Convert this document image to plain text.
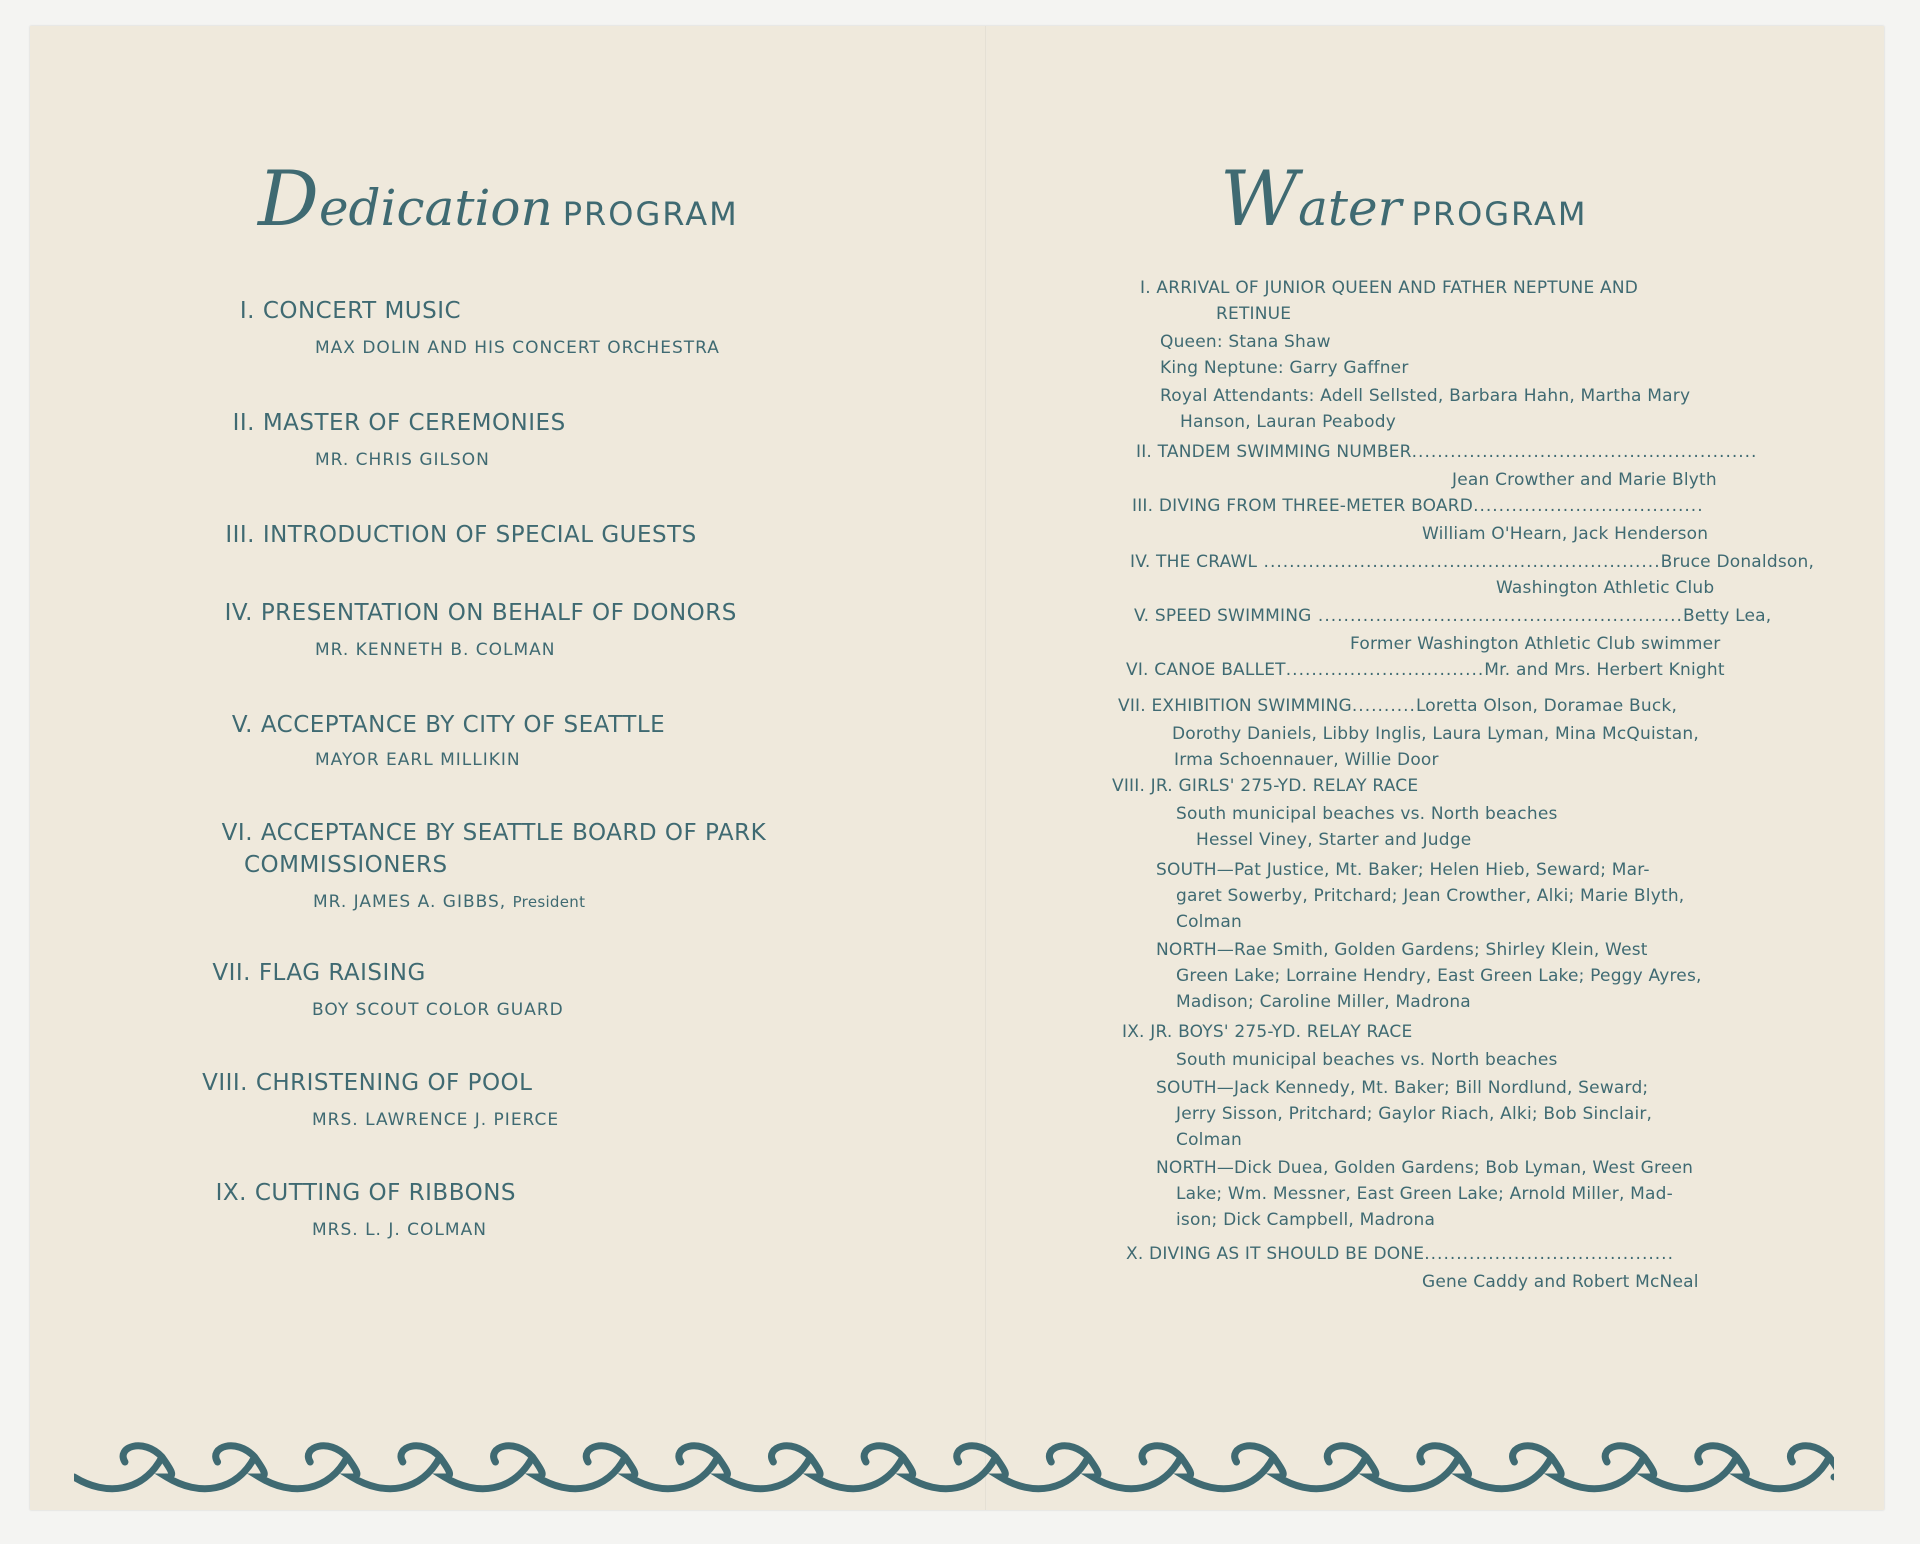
Dedication PROGRAM
I. CONCERT MUSIC
MAX DOLIN AND HIS CONCERT ORCHESTRA
II. MASTER OF CEREMONIES
MR. CHRIS GILSON
III. INTRODUCTION OF SPECIAL GUESTS
IV. PRESENTATION ON BEHALF OF DONORS
MR. KENNETH B. COLMAN
V. ACCEPTANCE BY CITY OF SEATTLE
MAYOR EARL MILLIKIN
VI. ACCEPTANCE BY SEATTLE BOARD OF PARK
COMMISSIONERS
MR. JAMES A. GIBBS, President
VII. FLAG RAISING
BOY SCOUT COLOR GUARD
VIII. CHRISTENING OF POOL
MRS. LAWRENCE J. PIERCE
IX. CUTTING OF RIBBONS
MRS. L. J. COLMAN
Water PROGRAM
I. ARRIVAL OF JUNIOR QUEEN AND FATHER NEPTUNE AND
RETINUE
Queen: Stana Shaw
King Neptune: Garry Gaffner
Royal Attendants: Adell Sellsted, Barbara Hahn, Martha Mary
Hanson, Lauran Peabody
II. TANDEM SWIMMING NUMBER......................................................
Jean Crowther and Marie Blyth
III. DIVING FROM THREE-METER BOARD....................................
William O'Hearn, Jack Henderson
IV. THE CRAWL ..............................................................Bruce Donaldson,
Washington Athletic Club
V. SPEED SWIMMING .........................................................Betty Lea,
Former Washington Athletic Club swimmer
VI. CANOE BALLET...............................Mr. and Mrs. Herbert Knight
VII. EXHIBITION SWIMMING..........Loretta Olson, Doramae Buck,
Dorothy Daniels, Libby Inglis, Laura Lyman, Mina McQuistan,
Irma Schoennauer, Willie Door
VIII. JR. GIRLS' 275-YD. RELAY RACE
South municipal beaches vs. North beaches
Hessel Viney, Starter and Judge
SOUTH—Pat Justice, Mt. Baker; Helen Hieb, Seward; Mar-
garet Sowerby, Pritchard; Jean Crowther, Alki; Marie Blyth,
Colman
NORTH—Rae Smith, Golden Gardens; Shirley Klein, West
Green Lake; Lorraine Hendry, East Green Lake; Peggy Ayres,
Madison; Caroline Miller, Madrona
IX. JR. BOYS' 275-YD. RELAY RACE
South municipal beaches vs. North beaches
SOUTH—Jack Kennedy, Mt. Baker; Bill Nordlund, Seward;
Jerry Sisson, Pritchard; Gaylor Riach, Alki; Bob Sinclair,
Colman
NORTH—Dick Duea, Golden Gardens; Bob Lyman, West Green
Lake; Wm. Messner, East Green Lake; Arnold Miller, Mad-
ison; Dick Campbell, Madrona
X. DIVING AS IT SHOULD BE DONE.......................................
Gene Caddy and Robert McNeal
